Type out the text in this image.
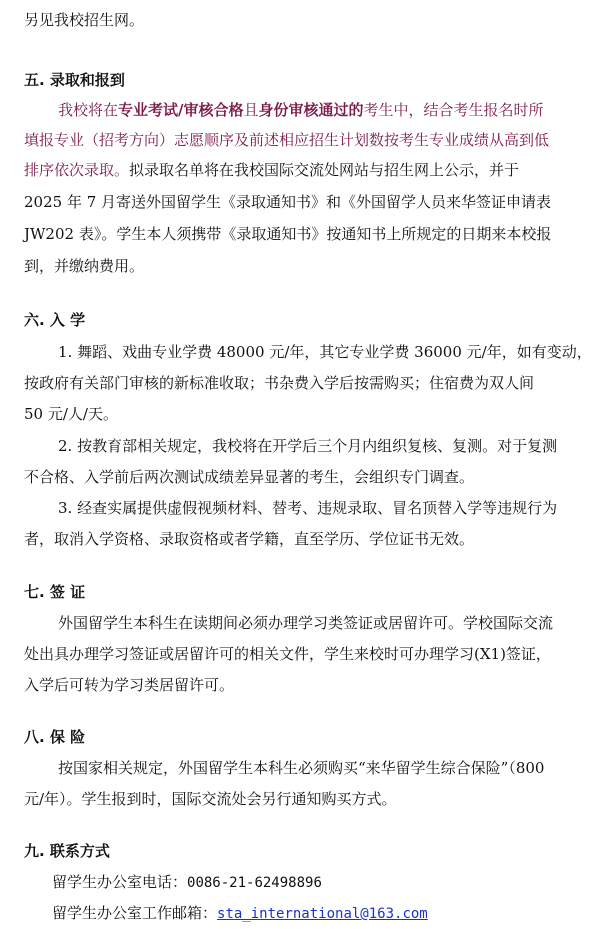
另见我校招生网。
五. 录取和报到
我校将在专业考试/审核合格且身份审核通过的考生中，结合考生报名时所
填报专业（招考方向）志愿顺序及前述相应招生计划数按考生专业成绩从高到低
排序依次录取。拟录取名单将在我校国际交流处网站与招生网上公示，并于
2025 年 7 月寄送外国留学生《录取通知书》和《外国留学人员来华签证申请表
JW202 表》。学生本人须携带《录取通知书》按通知书上所规定的日期来本校报
到，并缴纳费用。
六. 入 学
1. 舞蹈、戏曲专业学费 48000 元/年，其它专业学费 36000 元/年，如有变动，
按政府有关部门审核的新标准收取；书杂费入学后按需购买；住宿费为双人间
50 元/人/天。
2. 按教育部相关规定，我校将在开学后三个月内组织复核、复测。对于复测
不合格、入学前后两次测试成绩差异显著的考生，会组织专门调查。
3. 经查实属提供虚假视频材料、替考、违规录取、冒名顶替入学等违规行为
者，取消入学资格、录取资格或者学籍，直至学历、学位证书无效。
七. 签 证
外国留学生本科生在读期间必须办理学习类签证或居留许可。学校国际交流
处出具办理学习签证或居留许可的相关文件，学生来校时可办理学习(X1)签证，
入学后可转为学习类居留许可。
八. 保 险
按国家相关规定，外国留学生本科生必须购买“来华留学生综合保险”（800
元/年）。学生报到时，国际交流处会另行通知购买方式。
九. 联系方式
留学生办公室电话：0086-21-62498896
留学生办公室工作邮箱：sta_international@163.com
